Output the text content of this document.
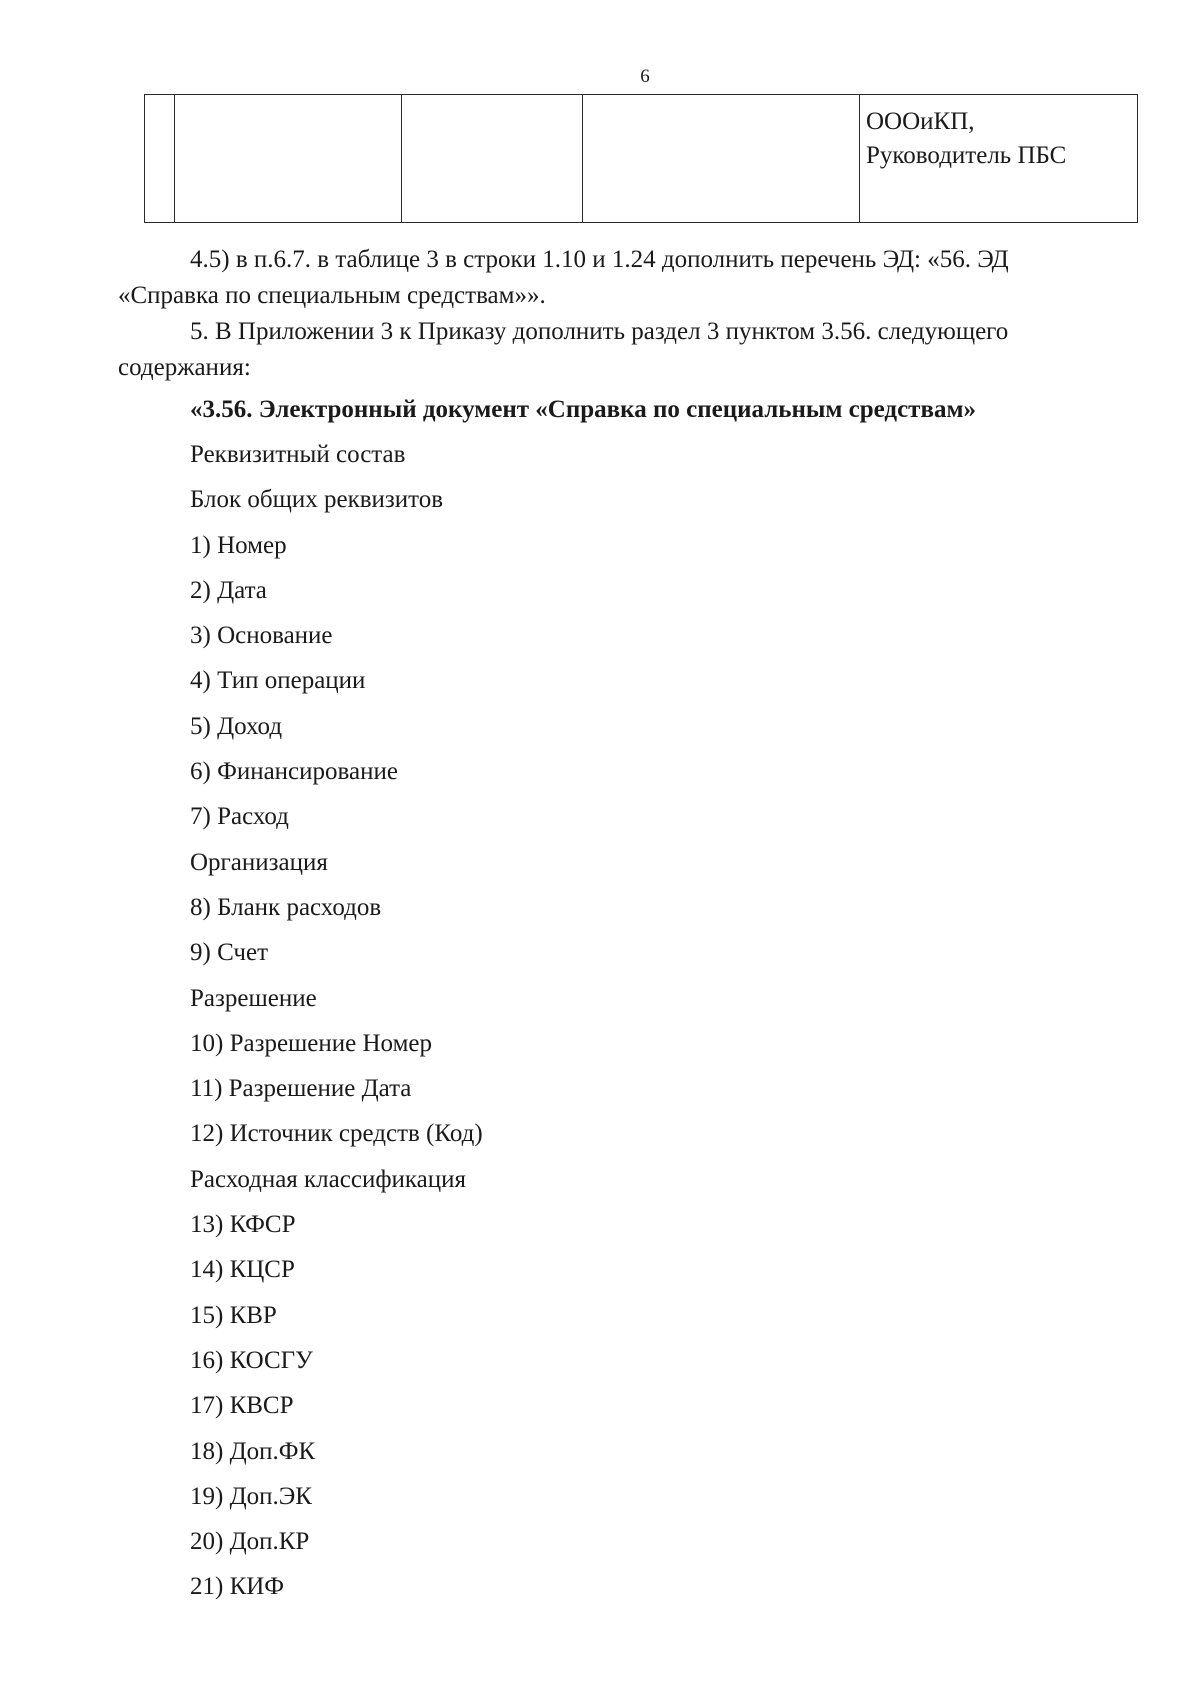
6

ОООиКП,
Руководитель ПБС

4.5) в п.6.7. в таблице 3 в строки 1.10 и 1.24 дополнить перечень ЭД: «56. ЭД
«Справка по специальным средствам»».

5. В Приложении 3 к Приказу дополнить раздел 3 пунктом 3.56. следующего
содержания:

«3.56. Электронный документ «Справка по специальным средствам»
Реквизитный состав
Блок общих реквизитов
1) Номер
2) Дата
3) Основание
4) Тип операции
5) Доход
6) Финансирование
7) Расход
Организация
8) Бланк расходов
9) Счет
Разрешение
10) Разрешение Номер
11) Разрешение Дата
12) Источник средств (Код)
Расходная классификация
13) КФСР
14) КЦСР
15) КВР
16) КОСГУ
17) КВСР
18) Доп.ФК
19) Доп.ЭК
20) Доп.КР
21) КИФ
